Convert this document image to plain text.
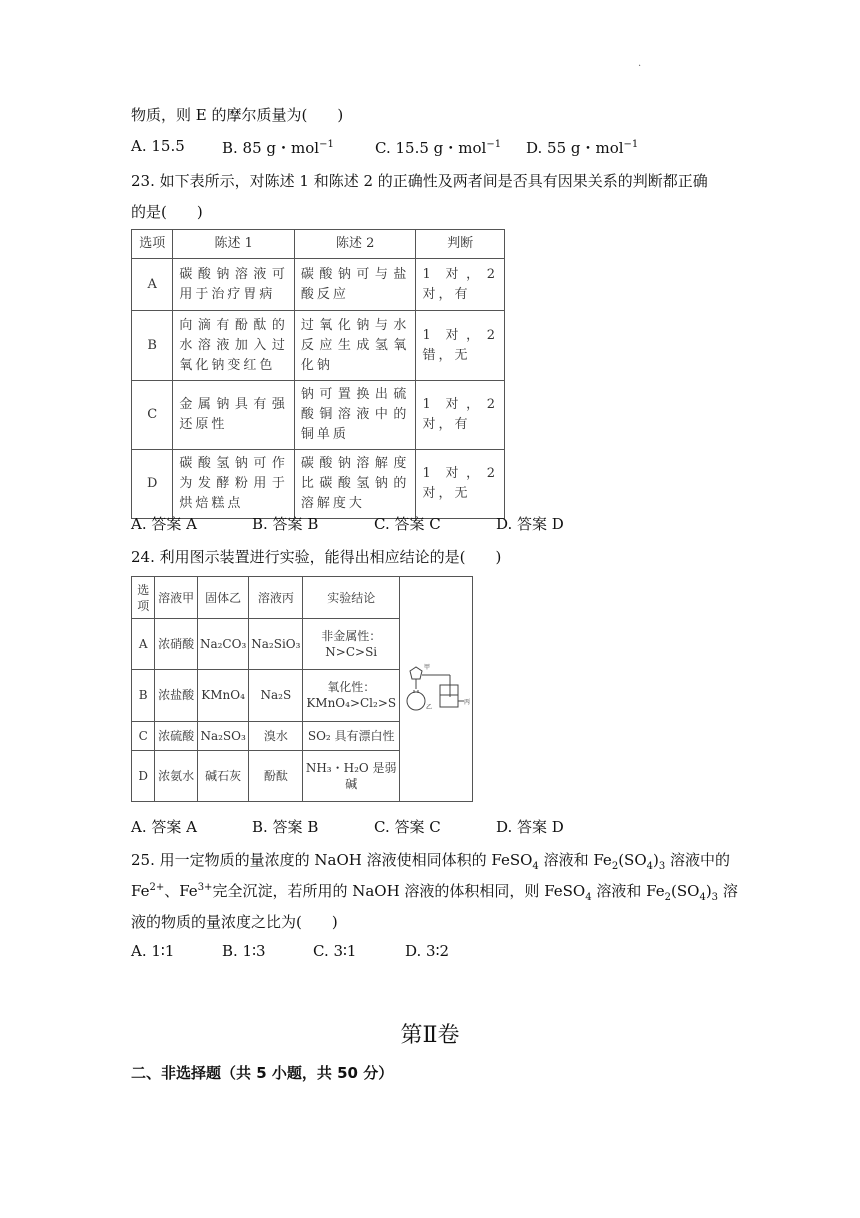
.
物质，则 E 的摩尔质量为(　　)
A. 15.5 B. 85 g・mol$^{-1}$	C. 15.5 g・mol$^{-1}$ D. 55 g・mol$^{-1}$
23. 如下表所示，对陈述 1 和陈述 2 的正确性及两者间是否具有因果关系的判断都正确
的是(　　)
选项	陈述 1	陈述 2	判断
A	碳酸钠溶液可用于治疗胃病	碳酸钠可与盐酸反应	1 对，2 对，有
B	向滴有酚酞的水溶液加入过氧化钠变红色	过氧化钠与水反应生成氢氧化钠	1 对，2 错，无
C	金属钠具有强还原性	钠可置换出硫酸铜溶液中的铜单质	1 对，2 对，有
D	碳酸氢钠可作为发酵粉用于烘焙糕点	碳酸钠溶解度比碳酸氢钠的溶解度大	1 对，2 对，无
A. 答案 A	B. 答案 B	C. 答案 C	D. 答案 D
24. 利用图示装置进行实验，能得出相应结论的是(　　)
选项	溶液甲	固体乙	溶液丙	实验结论	甲
乙
丙

A	浓硝酸	Na₂CO₃	Na₂SiO₃	非金属性：N>C>Si	
B	浓盐酸	KMnO₄	Na₂S	氧化性：KMnO₄>Cl₂>S	
C	浓硫酸	Na₂SO₃	溴水	SO₂ 具有漂白性	
D	浓氨水	碱石灰	酚酞	NH₃・H₂O 是弱碱	
A. 答案 A	B. 答案 B	C. 答案 C	D. 答案 D
25. 用一定物质的量浓度的 NaOH 溶液使相同体积的 FeSO$_4$ 溶液和 $Fe_2(SO_4)_3$ 溶液中的
$Fe^{2+}$、$Fe^{3+}$完全沉淀，若所用的 NaOH 溶液的体积相同，则 FeSO$_4$ 溶液和 $Fe_2(SO_4)_3$ 溶
液的物质的量浓度之比为(　　)
A. 1∶1	B. 1∶3	C. 3∶1	D. 3∶2
第Ⅱ卷
二、非选择题（共 5 小题，共 50 分）
